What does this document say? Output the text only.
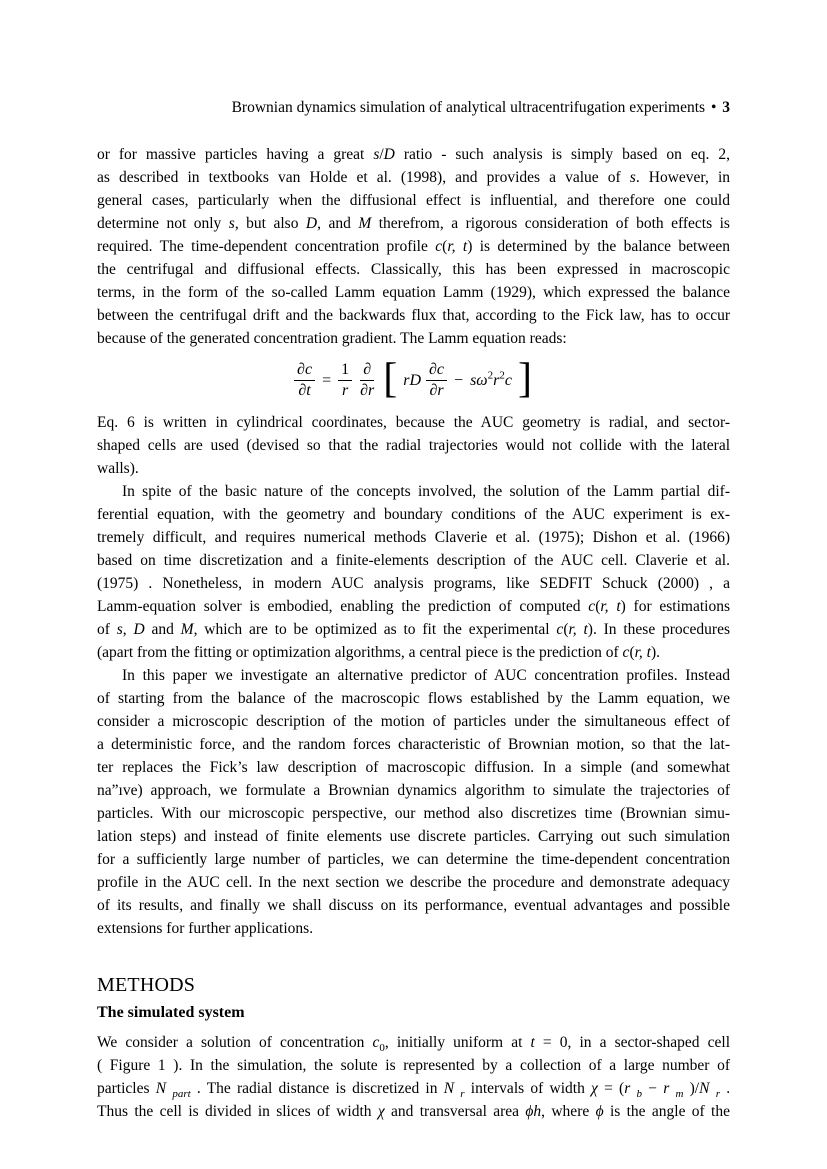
Brownian dynamics simulation of analytical ultracentrifugation experiments • 3
or for massive particles having a great s/D ratio - such analysis is simply based on eq. 2,
as described in textbooks van Holde et al. (1998), and provides a value of s. However, in
general cases, particularly when the diffusional effect is influential, and therefore one could
determine not only s, but also D, and M therefrom, a rigorous consideration of both effects is
required. The time-dependent concentration profile c(r, t) is determined by the balance between
the centrifugal and diffusional effects. Classically, this has been expressed in macroscopic
terms, in the form of the so-called Lamm equation Lamm (1929), which expressed the balance
between the centrifugal drift and the backwards flux that, according to the Fick law, has to occur
because of the generated concentration gradient. The Lamm equation reads:
$\frac{\partial c}{\partial t} = \frac{1}{r} \frac{\partial}{\partial r}$ [ rD $\frac{\partial c}{\partial r} - s\omega^2r^2c$ ]
Eq. 6 is written in cylindrical coordinates, because the AUC geometry is radial, and sector-
shaped cells are used (devised so that the radial trajectories would not collide with the lateral
walls).
In spite of the basic nature of the concepts involved, the solution of the Lamm partial dif-
ferential equation, with the geometry and boundary conditions of the AUC experiment is ex-
tremely difficult, and requires numerical methods Claverie et al. (1975); Dishon et al. (1966)
based on time discretization and a finite-elements description of the AUC cell. Claverie et al.
(1975) . Nonetheless, in modern AUC analysis programs, like SEDFIT Schuck (2000) , a
Lamm-equation solver is embodied, enabling the prediction of computed c(r, t) for estimations
of s, D and M, which are to be optimized as to fit the experimental c(r, t). In these procedures
(apart from the fitting or optimization algorithms, a central piece is the prediction of c(r, t).
In this paper we investigate an alternative predictor of AUC concentration profiles. Instead
of starting from the balance of the macroscopic flows established by the Lamm equation, we
consider a microscopic description of the motion of particles under the simultaneous effect of
a deterministic force, and the random forces characteristic of Brownian motion, so that the lat-
ter replaces the Fick’s law description of macroscopic diffusion. In a simple (and somewhat
na”ıve) approach, we formulate a Brownian dynamics algorithm to simulate the trajectories of
particles. With our microscopic perspective, our method also discretizes time (Brownian simu-
lation steps) and instead of finite elements use discrete particles. Carrying out such simulation
for a sufficiently large number of particles, we can determine the time-dependent concentration
profile in the AUC cell. In the next section we describe the procedure and demonstrate adequacy
of its results, and finally we shall discuss on its performance, eventual advantages and possible
extensions for further applications.
METHODS
The simulated system
We consider a solution of concentration $c_0$, initially uniform at t = 0, in a sector-shaped cell
( Figure 1 ). In the simulation, the solute is represented by a collection of a large number of
particles N $_{part}$ . The radial distance is discretized in N $_r$ intervals of width χ = (r $_b$ − r $_m$ )/N $_r$ .
Thus the cell is divided in slices of width χ and transversal area ϕh, where ϕ is the angle of the
